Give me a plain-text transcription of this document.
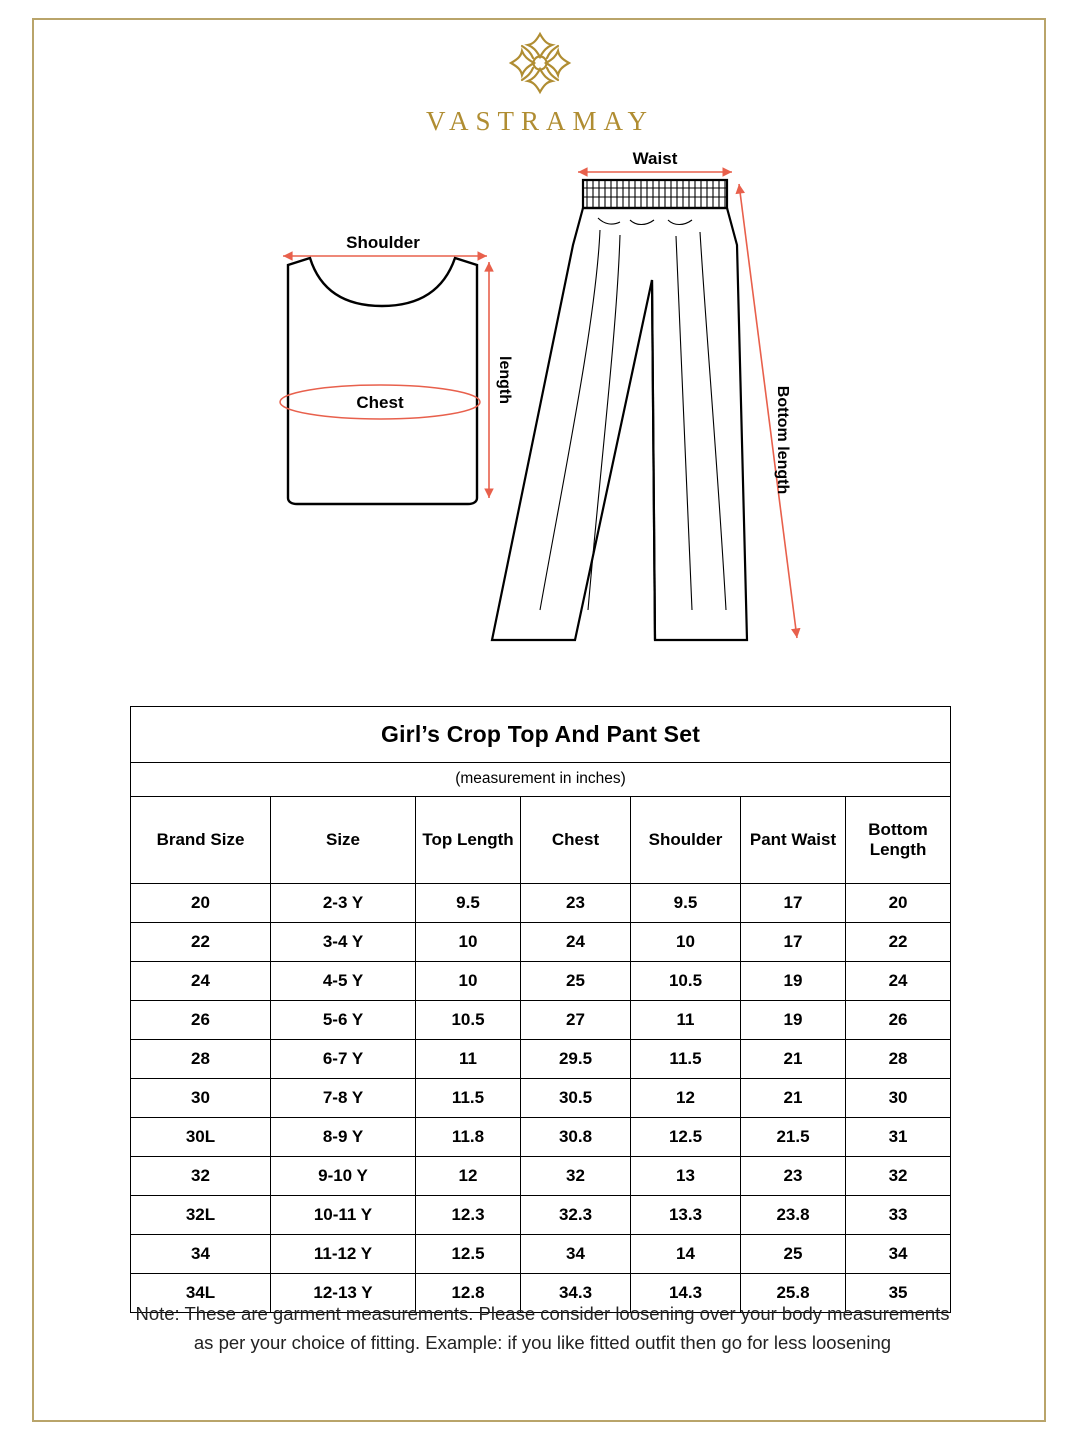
VASTRAMAY
Shoulder
length
Chest
Waist
Bottom length
Girl’s Crop Top And Pant Set						
(measurement in inches)						
Brand Size	Size	Top Length	Chest	Shoulder	Pant Waist	Bottom Length
20	2-3 Y	9.5	23	9.5	17	20
22	3-4 Y	10	24	10	17	22
24	4-5 Y	10	25	10.5	19	24
26	5-6 Y	10.5	27	11	19	26
28	6-7 Y	11	29.5	11.5	21	28
30	7-8 Y	11.5	30.5	12	21	30
30L	8-9 Y	11.8	30.8	12.5	21.5	31
32	9-10 Y	12	32	13	23	32
32L	10-11 Y	12.3	32.3	13.3	23.8	33
34	11-12 Y	12.5	34	14	25	34
34L	12-13 Y	12.8	34.3	14.3	25.8	35
Note: These are garment measurements. Please consider loosening over your body measurements
as per your choice of fitting. Example: if you like fitted outfit then go for less loosening
